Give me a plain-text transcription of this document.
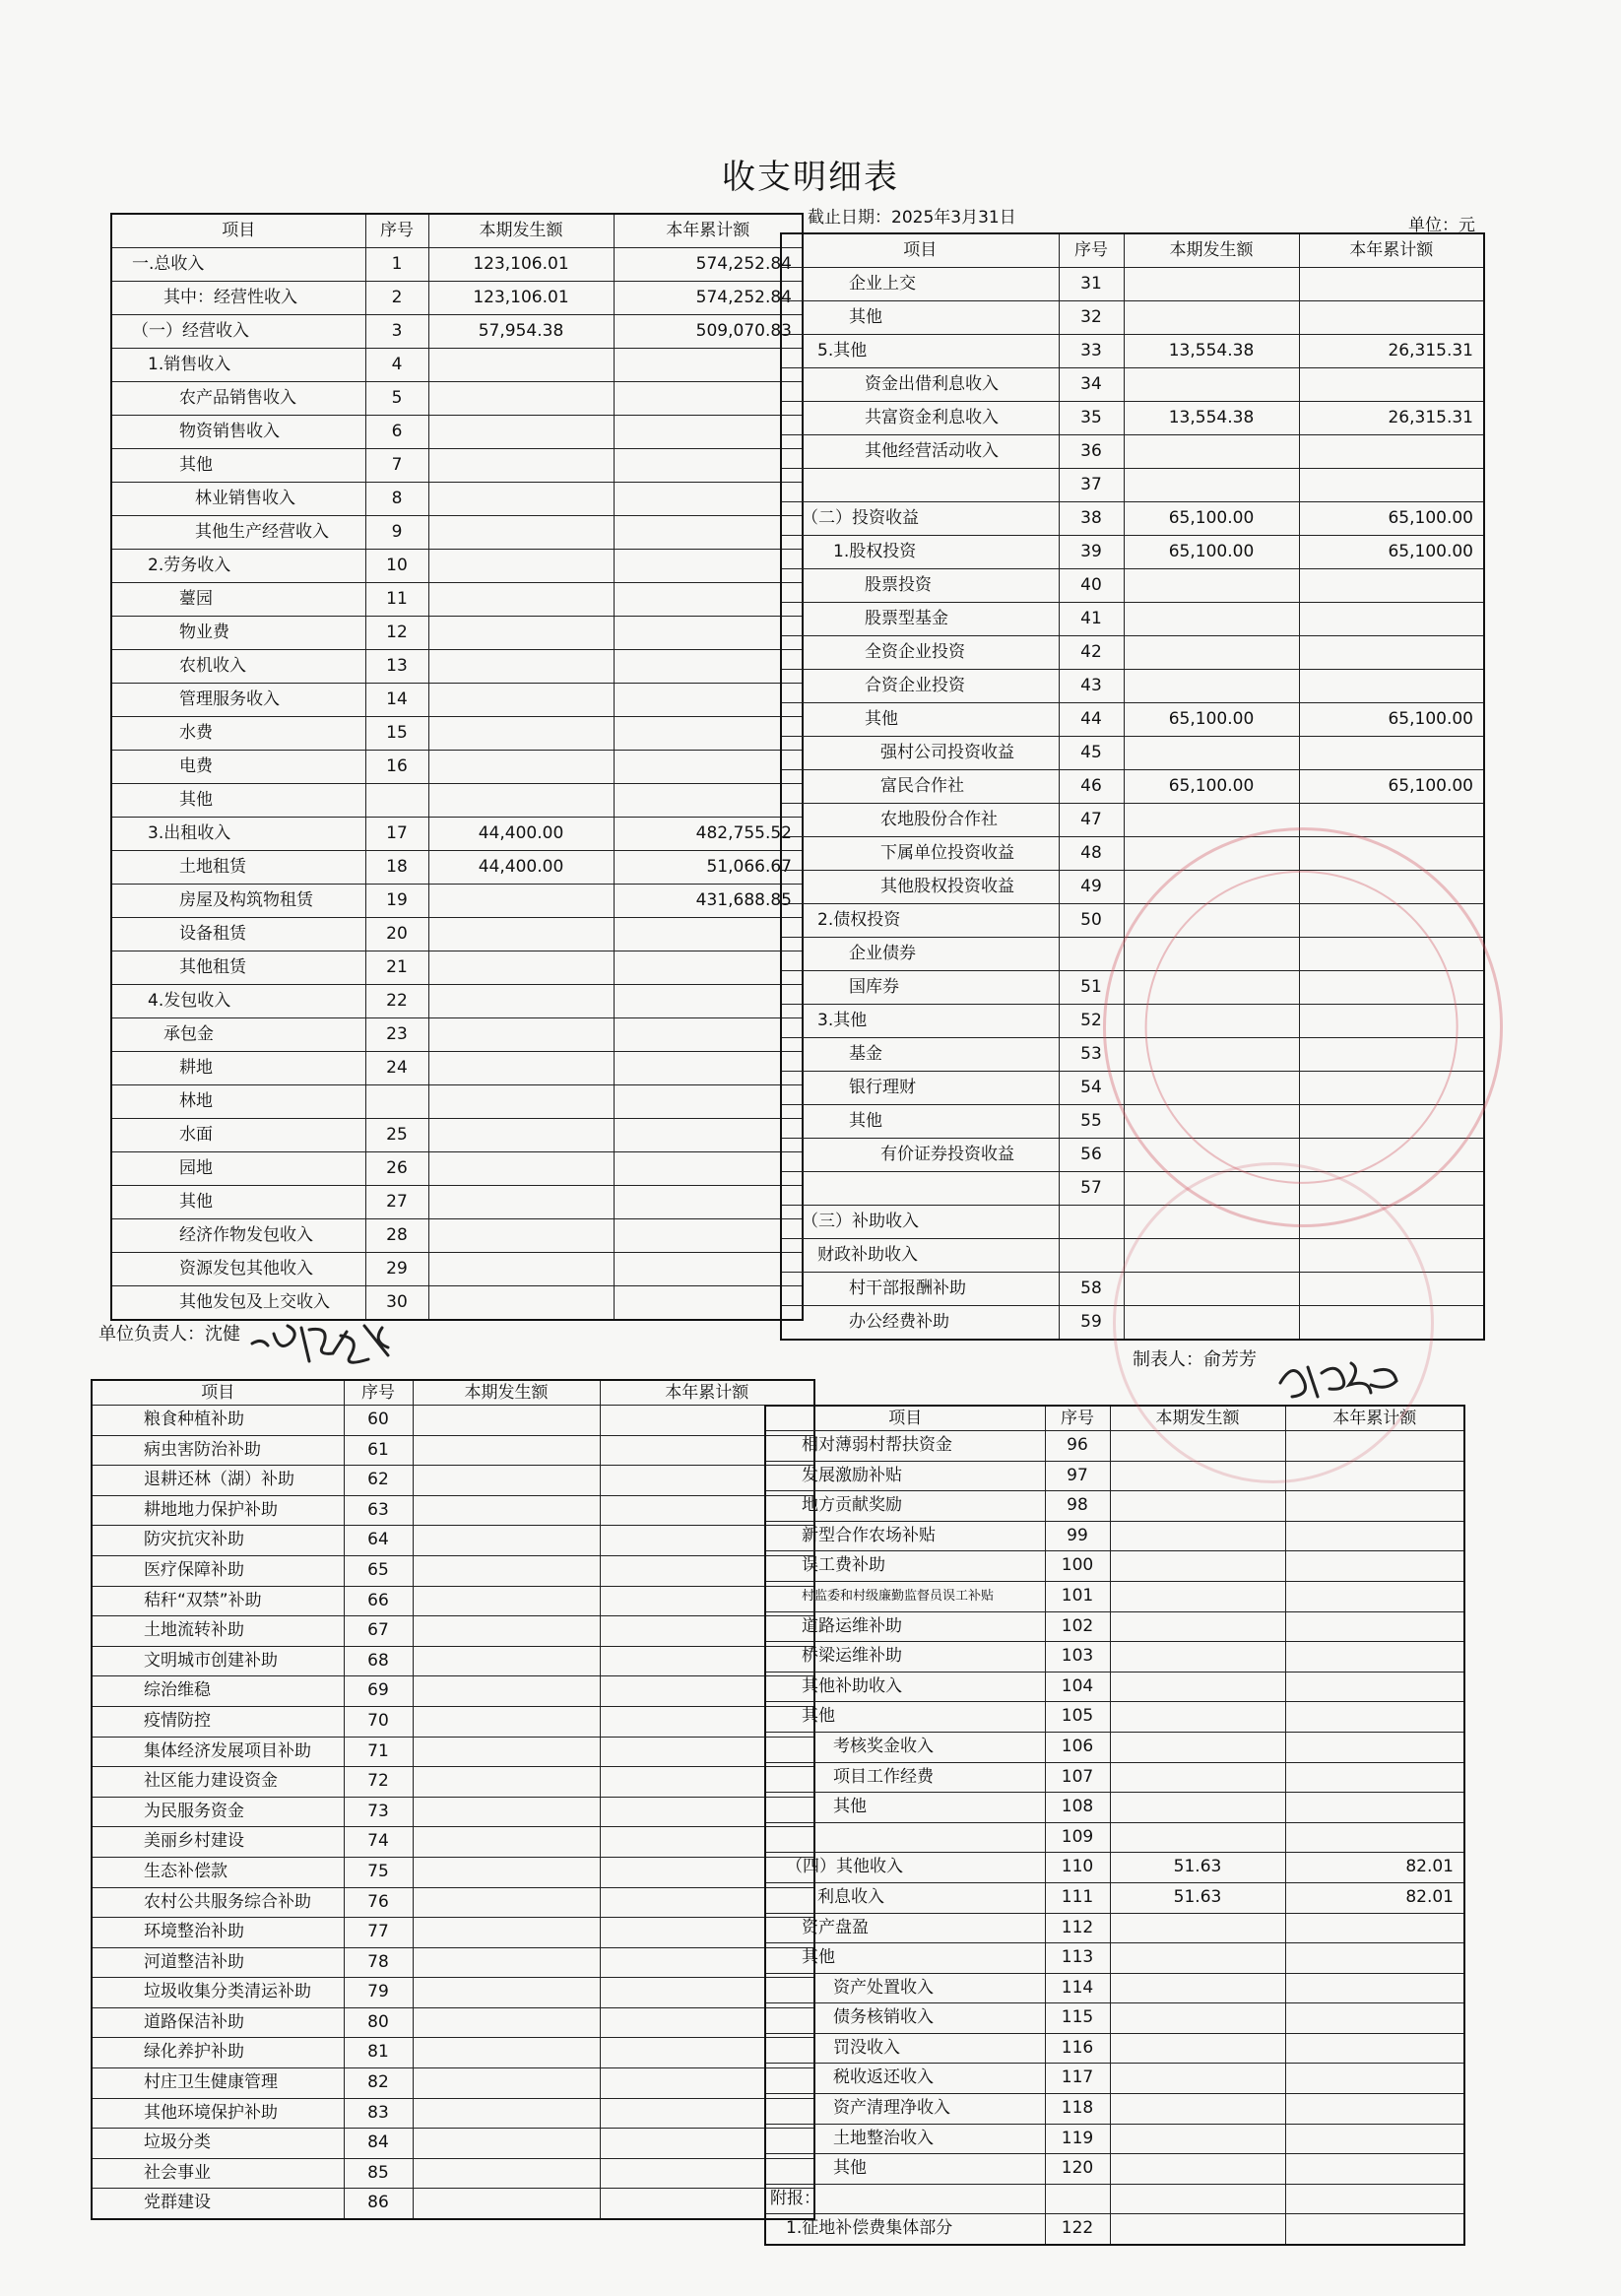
收支明细表
截止日期：2025年3月31日	单位：元
项目	序号	本期发生额	本年累计额
一.总收入	1	123,106.01	574,252.84
其中：经营性收入	2	123,106.01	574,252.84
（一）经营收入	3	57,954.38	509,070.83
1.销售收入	4		
农产品销售收入	5		
物资销售收入	6		
其他	7		
林业销售收入	8		
其他生产经营收入	9		
2.劳务收入	10		
薹园	11		
物业费	12		
农机收入	13		
管理服务收入	14		
水费	15		
电费	16		
其他			
3.出租收入	17	44,400.00	482,755.52
土地租赁	18	44,400.00	51,066.67
房屋及构筑物租赁	19		431,688.85
设备租赁	20		
其他租赁	21		
4.发包收入	22		
承包金	23		
耕地	24		
林地			
水面	25		
园地	26		
其他	27		
经济作物发包收入	28		
资源发包其他收入	29		
其他发包及上交收入	30		
项目	序号	本期发生额	本年累计额
企业上交	31		
其他	32		
5.其他	33	13,554.38	26,315.31
资金出借利息收入	34		
共富资金利息收入	35	13,554.38	26,315.31
其他经营活动收入	36		
	37		
（二）投资收益	38	65,100.00	65,100.00
1.股权投资	39	65,100.00	65,100.00
股票投资	40		
股票型基金	41		
全资企业投资	42		
合资企业投资	43		
其他	44	65,100.00	65,100.00
强村公司投资收益	45		
富民合作社	46	65,100.00	65,100.00
农地股份合作社	47		
下属单位投资收益	48		
其他股权投资收益	49		
2.债权投资	50		
企业债券			
国库券	51		
3.其他	52		
基金	53		
银行理财	54		
其他	55		
有价证券投资收益	56		
	57		
（三）补助收入			
财政补助收入			
村干部报酬补助	58		
办公经费补助	59		
单位负责人：沈健
制表人：俞芳芳
项目	序号	本期发生额	本年累计额
粮食种植补助	60		
病虫害防治补助	61		
退耕还林（湖）补助	62		
耕地地力保护补助	63		
防灾抗灾补助	64		
医疗保障补助	65		
秸秆“双禁”补助	66		
土地流转补助	67		
文明城市创建补助	68		
综治维稳	69		
疫情防控	70		
集体经济发展项目补助	71		
社区能力建设资金	72		
为民服务资金	73		
美丽乡村建设	74		
生态补偿款	75		
农村公共服务综合补助	76		
环境整治补助	77		
河道整洁补助	78		
垃圾收集分类清运补助	79		
道路保洁补助	80		
绿化养护补助	81		
村庄卫生健康管理	82		
其他环境保护补助	83		
垃圾分类	84		
社会事业	85		
党群建设	86		
项目	序号	本期发生额	本年累计额
相对薄弱村帮扶资金	96		
发展激励补贴	97		
地方贡献奖励	98		
新型合作农场补贴	99		
误工费补助	100		
村监委和村级廉勤监督员误工补贴	101		
道路运维补助	102		
桥梁运维补助	103		
其他补助收入	104		
其他	105		
考核奖金收入	106		
项目工作经费	107		
其他	108		
	109		
（四）其他收入	110	51.63	82.01
利息收入	111	51.63	82.01
资产盘盈	112		
其他	113		
资产处置收入	114		
债务核销收入	115		
罚没收入	116		
税收返还收入	117		
资产清理净收入	118		
土地整治收入	119		
其他	120		
附报：			
1.征地补偿费集体部分	122		
